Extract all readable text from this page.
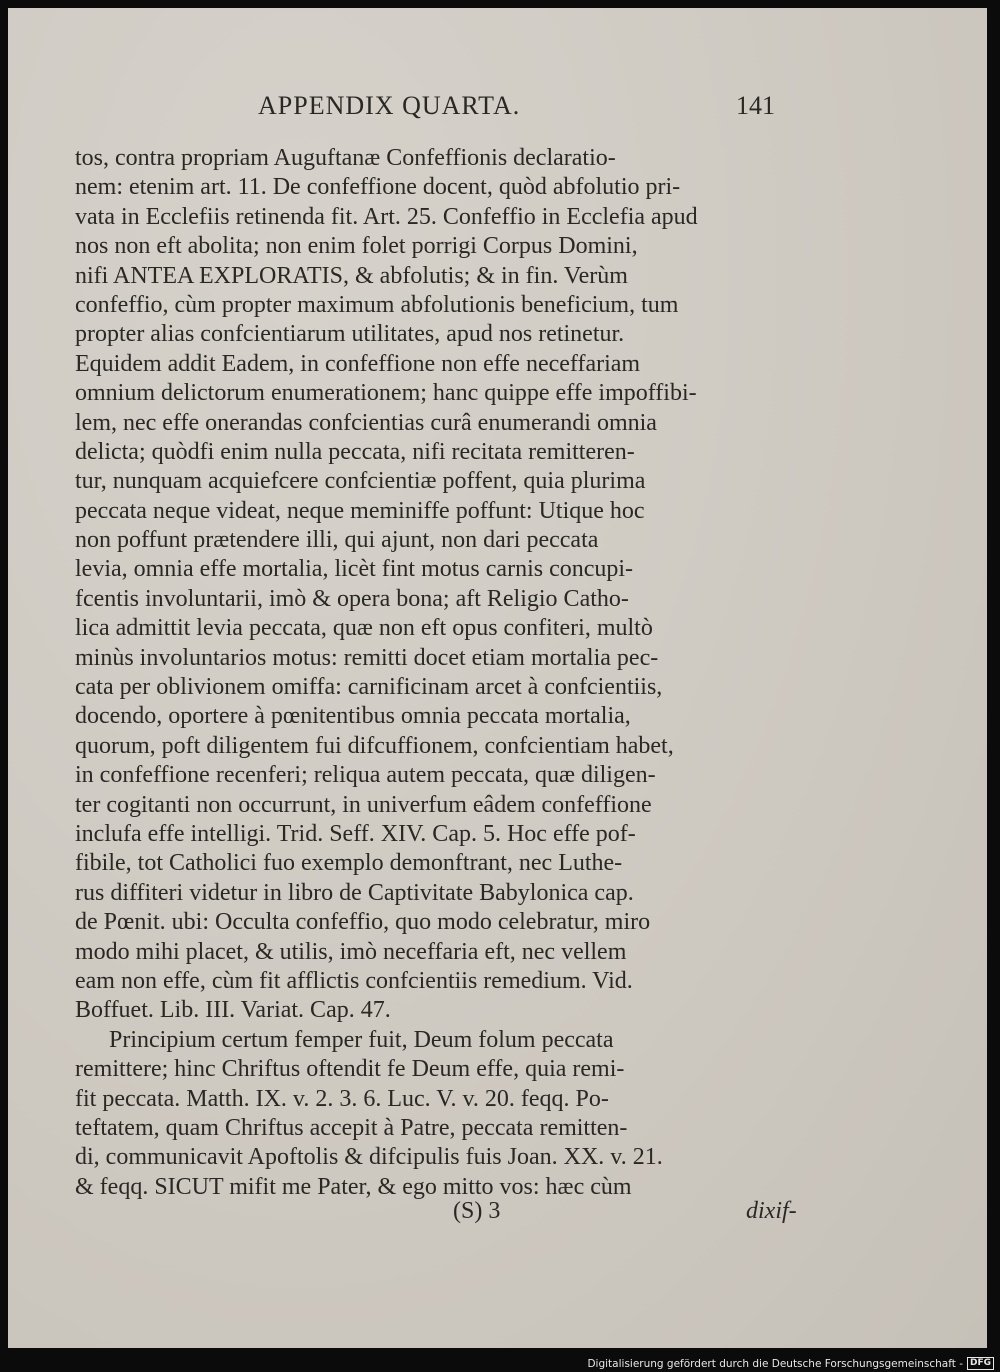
APPENDIX QUARTA.	141
tos, contra propriam Auguftanæ Confeffionis declaratio-
nem: etenim art. 11. De confeffione docent, quòd abfolutio pri-
vata in Ecclefiis retinenda fit. Art. 25. Confeffio in Ecclefia apud
nos non eft abolita; non enim folet porrigi Corpus Domini,
nifi ANTEA EXPLORATIS, & abfolutis; & in fin. Verùm
confeffio, cùm propter maximum abfolutionis beneficium, tum
propter alias confcientiarum utilitates, apud nos retinetur.
Equidem addit Eadem, in confeffione non effe neceffariam
omnium delictorum enumerationem; hanc quippe effe impoffibi-
lem, nec effe onerandas confcientias curâ enumerandi omnia
delicta; quòdfi enim nulla peccata, nifi recitata remitteren-
tur, nunquam acquiefcere confcientiæ poffent, quia plurima
peccata neque videat, neque meminiffe poffunt: Utique hoc
non poffunt prætendere illi, qui ajunt, non dari peccata
levia, omnia effe mortalia, licèt fint motus carnis concupi-
fcentis involuntarii, imò & opera bona; aft Religio Catho-
lica admittit levia peccata, quæ non eft opus confiteri, multò
minùs involuntarios motus: remitti docet etiam mortalia pec-
cata per oblivionem omiffa: carnificinam arcet à confcientiis,
docendo, oportere à pœnitentibus omnia peccata mortalia,
quorum, poft diligentem fui difcuffionem, confcientiam habet,
in confeffione recenferi; reliqua autem peccata, quæ diligen-
ter cogitanti non occurrunt, in univerfum eâdem confeffione
inclufa effe intelligi. Trid. Seff. XIV. Cap. 5. Hoc effe pof-
fibile, tot Catholici fuo exemplo demonftrant, nec Luthe-
rus diffiteri videtur in libro de Captivitate Babylonica cap.
de Pœnit. ubi: Occulta confeffio, quo modo celebratur, miro
modo mihi placet, & utilis, imò neceffaria eft, nec vellem
eam non effe, cùm fit afflictis confcientiis remedium. Vid.
Boffuet. Lib. III. Variat. Cap. 47.
Principium certum femper fuit, Deum folum peccata
remittere; hinc Chriftus oftendit fe Deum effe, quia remi-
fit peccata. Matth. IX. v. 2. 3. 6. Luc. V. v. 20. feqq. Po-
teftatem, quam Chriftus accepit à Patre, peccata remitten-
di, communicavit Apoftolis & difcipulis fuis Joan. XX. v. 21.
& feqq. SICUT mifit me Pater, & ego mitto vos: hæc cùm
(S) 3	dixif-
Digitalisierung gefördert durch die Deutsche Forschungsgemeinschaft - DFG
